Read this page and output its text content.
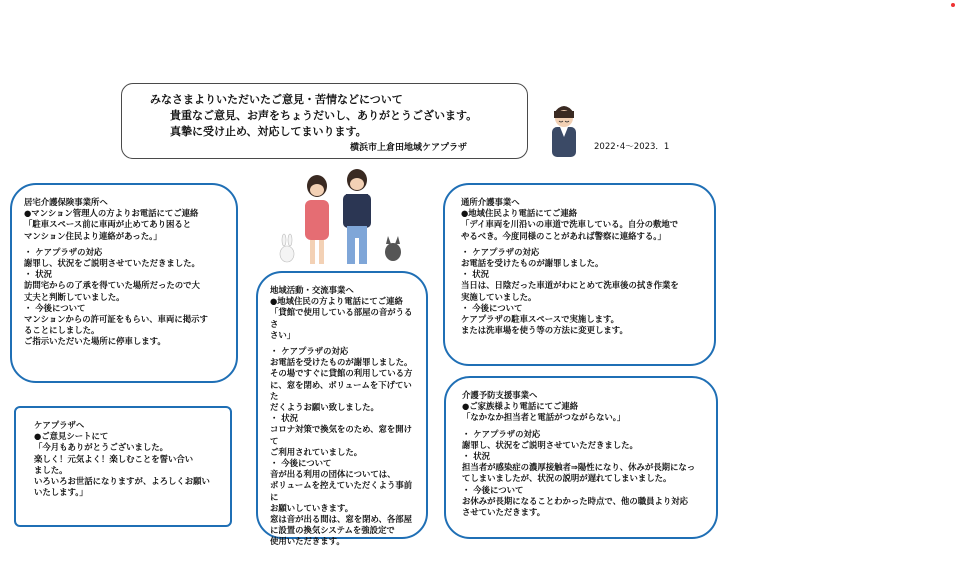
みなさまよりいただいたご意見・苦情などについて
貴重なご意見、お声をちょうだいし、ありがとうございます。
真摯に受け止め、対応してまいります。
横浜市上倉田地域ケアプラザ	2022･4～2023．1
居宅介護保険事業所へ
●マンション管理人の方よりお電話にてご連絡
「駐車スペース前に車両が止めてあり困ると
マンション住民より連絡があった。」
・ ケアプラザの対応
謝罪し、状況をご説明させていただきました。
・ 状況
訪問宅からの了承を得ていた場所だったので大
丈夫と判断していました。
・ 今後について
マンションからの許可証をもらい、車両に掲示す
ることにしました。
ご指示いただいた場所に停車します。
ケアプラザへ
●ご意見シートにて
「今月もありがとうございました。
楽しく！元気よく！楽しむことを誓い合い
ました。
いろいろお世話になりますが、よろしくお願い
いたします。」
地域活動・交流事業へ
●地域住民の方より電話にてご連絡
「貸館で使用している部屋の音がうるさ
さい」
・ ケアプラザの対応
お電話を受けたものが謝罪しました。
その場ですぐに貸館の利用している方
に、窓を閉め、ボリュームを下げていた
だくようお願い致しました。
・ 状況
コロナ対策で換気をのため、窓を開けて
ご利用されていました。
・ 今後について
音が出る利用の団体については、
ボリュームを控えていただくよう事前に
お願いしていきます。
窓は音が出る間は、窓を閉め、各部屋
に設置の換気システムを強設定で
使用いただきます。
通所介護事業へ
●地域住民より電話にてご連絡
「デイ車両を川沿いの車道で洗車している。自分の敷地で
やるべき。今度同様のことがあれば警察に連絡する。」
・ ケアプラザの対応
お電話を受けたものが謝罪しました。
・ 状況
当日は、日陰だった車道がわにとめて洗車後の拭き作業を
実施していました。
・ 今後について
ケアプラザの駐車スペースで実施します。
または洗車場を使う等の方法に変更します。
介護予防支援事業へ
●ご家族様より電話にてご連絡
「なかなか担当者と電話がつながらない。」
・ ケアプラザの対応
謝罪し、状況をご説明させていただきました。
・ 状況
担当者が感染症の濃厚接触者⇒陽性になり、休みが長期になっ
てしまいましたが、状況の説明が遅れてしまいました。
・ 今後について
お休みが長期になることわかった時点で、他の職員より対応
させていただきます。
